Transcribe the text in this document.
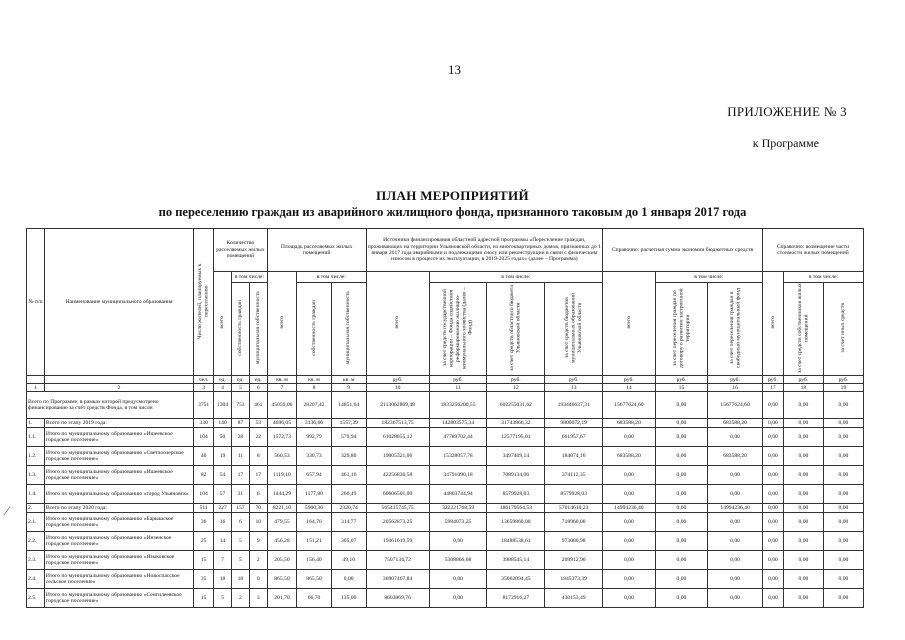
13
ПРИЛОЖЕНИЕ № 3
к Программе
ПЛАН МЕРОПРИЯТИЙ
по переселению граждан из аварийного жилищного фонда, признанного таковым до 1 января 2017 года
⁄
№ п/п	Наименование муниципального образования	Число жителей, планируемых к переселению	Количество расселяемых жилых помещений			Площадь расселяемых жилых помещений			Источники финансирования областной адресной программы «Переселение граждан, проживающих на территории Ульяновской области, из многоквартирных домов, признанных до 1 января 2017 года аварийными и подлежащими сносу или реконструкции в связи с физическим износом в процессе их эксплуатации, в 2019-2025 годах» (далее – Программа)				Справочно: расчетная сумма экономии бюджетных средств			Справочно: возмещение части стоимости жилых помещений		
			всего	в том числе:		всего	в том числе:		всего	в том числе:			всего	в том числе:		всего	в том числе:	
				собственность граждан	муниципальная собственность		собственность граждан	муниципальная собственность		за счет средств государственной корпорации – Фонда содействия реформированию жилищно-коммунального хозяйства (далее – Фонд)	за счет средств областного бюджета Ульяновской области	за счет средств бюджетов муниципальных образований Ульяновской области		за счет переселения граждан по договору о развитии застроенной территории	за счет переселения граждан в свободный муниципальный фонд		за счет средств собственников жилых помещений	за счет иных средств
		чел.	ед.	ед.	ед.	кв. м	кв. м	кв. м	руб.	руб.	руб.	руб.	руб.	руб.	руб.	руб.	руб.	руб.
1	2	3	4	5	6	7	8	9	10	11	12	13	14	15	16	17	18	19
Всего по Программе, в рамках которой предусмотрено финансирование за счёт средств Фонда, в том числе:		3751	1304	753	461	45059,06	28207,42	14851,64	2113062869,48	1833256200,55	602255031,62	193446637,31	15677624,60	0,00	15677624,60	0,00	0,00	0,00
1.	Всего по этапу 2019 года:	330	140	87	53	4696,05	3136,66	1557,39	182367513,75	142803575,34	31743866,32	9800072,19	683588,20	0,00	683588,20	0,00	0,00	0,00
1.1.	Итого по муниципальному образованию «Ишеевское городское поселение»	104	50	28	22	1572,73	992,79	579,94	61028855,12	47789702,44	12577195,01	661957,67	0,00	0,00	0,00	0,00	0,00	0,00
1.2.	Итого по муниципальному образованию «Светлоозерское городское поселение»	40	19	11	8	560,53	330,73	329,80	19005321,06	15328057,78	3497409,14	184074,16	683588,20	0,00	683588,20	0,00	0,00	0,00
1.3.	Итого по муниципальному образованию «Ишеевское городское поселение»	82	54	17	17	1119,10	657,94	461,16	42256836,58	34791090,18	7089134,06	374112,35	0,00	0,00	0,00	0,00	0,00	0,00
1.4.	Итого по муниципальному образованию «город Ульяновск»	104	57	31	6	1444,29	1177,80	266,49	60606501,00	44803744,94	8579928,03	8579928,03	0,00	0,00	0,00	0,00	0,00	0,00
2.	Всего по этапу 2020 года:	511	227	157	70	8221,10	5900,36	2320,74	565415745,75	322221768,59	186179564,53	57014610,23	14994236,40	0,00	14994236,40	0,00	0,00	0,00
2.1.	Итого по муниципальному образованию «Барышское городское поселение»	36	16	6	10	479,55	164,76	314,77	20562873,25	5984073,25	13659860,00	718960,00	0,00	0,00	0,00	0,00	0,00	0,00
2.2.	Итого по муниципальному образованию «Инзенское городское поселение»	25	14	5	9	456,28	151,21	305,07	19461619,59	0,00	18488538,61	973080,98	0,00	0,00	0,00	0,00	0,00	0,00
2.3.	Итого по муниципальному образованию «Языковское городское поселение»	15	7	5	2	205,50	156,40	49,10	7507134,72	5308866,68	3988545,14	209912,90	0,00	0,00	0,00	0,00	0,00	0,00
2.4.	Итого по муниципальному образованию «Новоспасское сельское поселение»	35	18	18	0	865,50	865,50	0,00	36907467,84	0,00	35062094,45	1845373,39	0,00	0,00	0,00	0,00	0,00	0,00
2.5.	Итого по муниципальному образованию «Сенгилеевское городское поселение»	15	5	2	3	201,70	66,70	135,00	8603069,76	0,00	8172916,27	430153,49	0,00	0,00	0,00	0,00	0,00	0,00
